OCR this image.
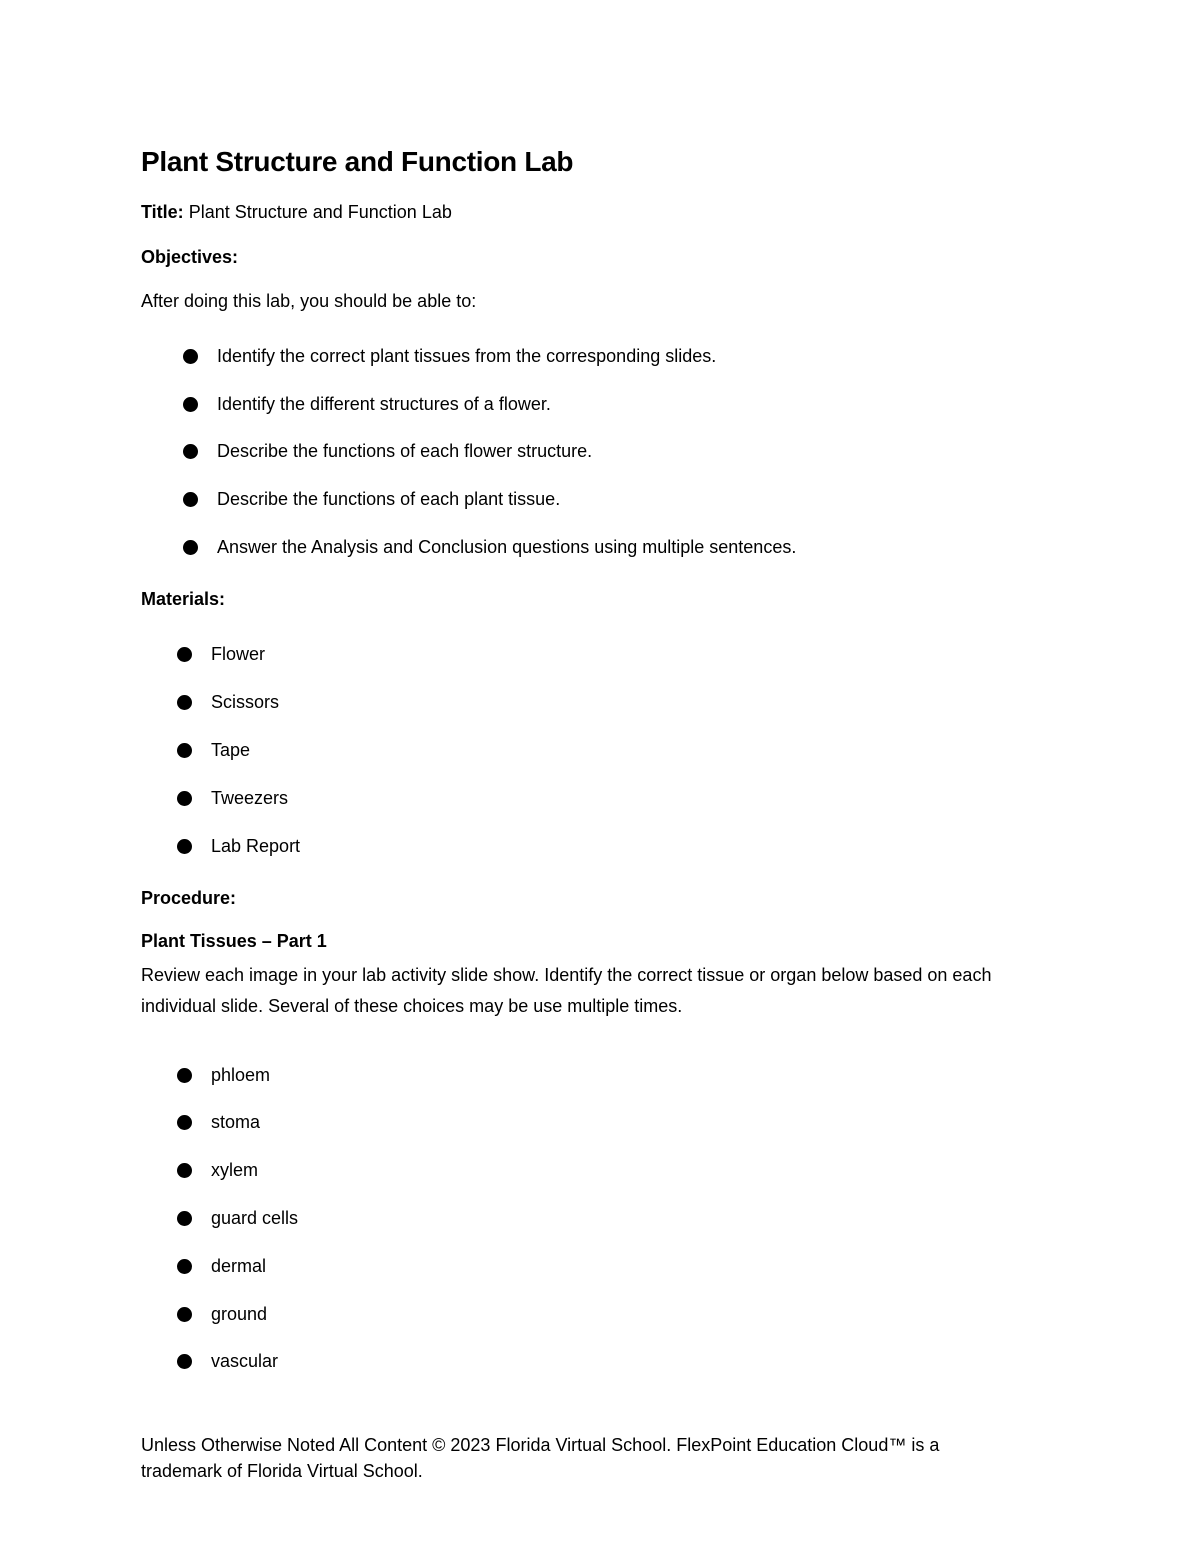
Plant Structure and Function Lab
Title: Plant Structure and Function Lab
Objectives:
After doing this lab, you should be able to:
Identify the correct plant tissues from the corresponding slides.
Identify the different structures of a flower.
Describe the functions of each flower structure.
Describe the functions of each plant tissue.
Answer the Analysis and Conclusion questions using multiple sentences.
Materials:
Flower
Scissors
Tape
Tweezers
Lab Report
Procedure:
Plant Tissues – Part 1
Review each image in your lab activity slide show. Identify the correct tissue or organ below based on each individual slide. Several of these choices may be use multiple times.
phloem
stoma
xylem
guard cells
dermal
ground
vascular
Unless Otherwise Noted All Content © 2023 Florida Virtual School. FlexPoint Education Cloud™ is a trademark of Florida Virtual School.
